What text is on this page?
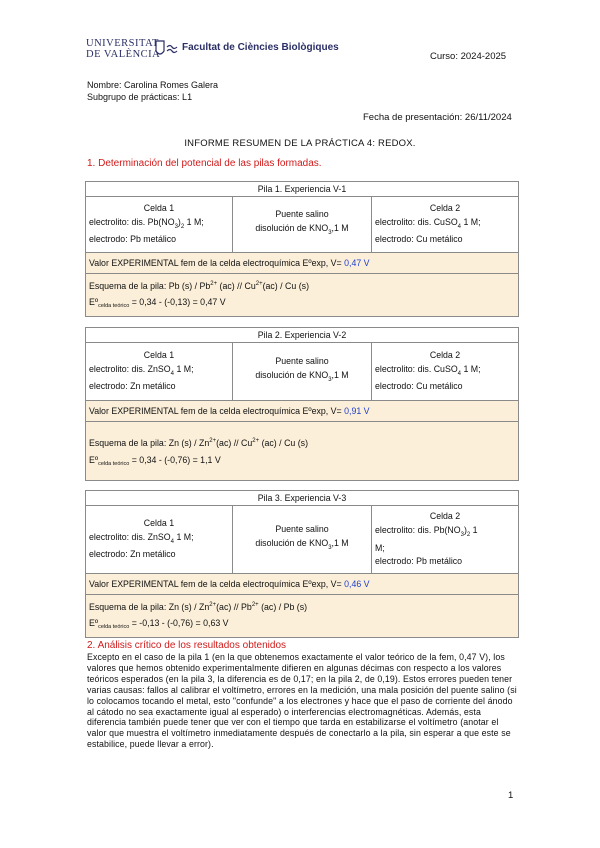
UNIVERSITAT
DE VALÈNCIA
Facultat de Ciències Biològiques
Curso: 2024-2025
Nombre: Carolina Romes Galera
Subgrupo de prácticas: L1
Fecha de presentación: 26/11/2024
INFORME RESUMEN DE LA PRÁCTICA 4: REDOX.
1. Determinación del potencial de las pilas formadas.
Pila 1. Experiencia V-1

Celda 1
electrolito: dis. $Pb(NO_3)_2$ 1 M;
electrodo: Pb metálico

Puente salino
disolución de $KNO_3,1$ M

Celda 2
electrolito: dis. CuSO$_4$ 1 M;
electrodo: Cu metálico

Valor EXPERIMENTAL fem de la celda electroquímica Eºexp, V= 0,47 V

Esquema de la pila: Pb $(s) / Pb^{2+}$ $(ac) // Cu^{2+}(ac)$ / Cu (s)
Eº$_{celda teórico}$ = 0,34 - (-0,13) = 0,47 V
Pila 2. Experiencia V-2

Celda 1
electrolito: dis. ZnSO$_4$ 1 M;
electrodo: Zn metálico

Puente salino
disolución de $KNO_3,1$ M

Celda 2
electrolito: dis. CuSO$_4$ 1 M;
electrodo: Cu metálico

Valor EXPERIMENTAL fem de la celda electroquímica Eºexp, V= 0,91 V

Esquema de la pila: Zn $(s) / Zn^{2+}(ac) // Cu^{2+}$ (ac) / Cu (s)
Eº$_{celda teórico}$ = 0,34 - (-0,76) = 1,1 V
Pila 3. Experiencia V-3

Celda 1
electrolito: dis. ZnSO$_4$ 1 M;
electrodo: Zn metálico

Puente salino
disolución de $KNO_3,1$ M

Celda 2
electrolito: dis. $Pb(NO_3)_2$ 1
M;
electrodo: Pb metálico

Valor EXPERIMENTAL fem de la celda electroquímica Eºexp, V= 0,46 V

Esquema de la pila: Zn $(s) / Zn^{2+}(ac) // Pb^{2+}$ (ac) / Pb (s)
Eº$_{celda teórico}$ = -0,13 - (-0,76) = 0,63 V
2. Análisis crítico de los resultados obtenidos
Excepto en el caso de la pila 1 (en la que obtenemos exactamente el valor teórico de la fem, 0,47 V), los valores que hemos obtenido experimentalmente difieren en algunas décimas con respecto a los valores teóricos esperados (en la pila 3, la diferencia es de 0,17; en la pila 2, de 0,19). Estos errores pueden tener varias causas: fallos al calibrar el voltímetro, errores en la medición, una mala posición del puente salino (si lo colocamos tocando el metal, esto "confunde" a los electrones y hace que el paso de corriente del ánodo al cátodo no sea exactamente igual al esperado) o interferencias electromagnéticas. Además, esta diferencia también puede tener que ver con el tiempo que tarda en estabilizarse el voltímetro (anotar el valor que muestra el voltímetro inmediatamente después de conectarlo a la pila, sin esperar a que este se estabilice, puede llevar a error).
1
